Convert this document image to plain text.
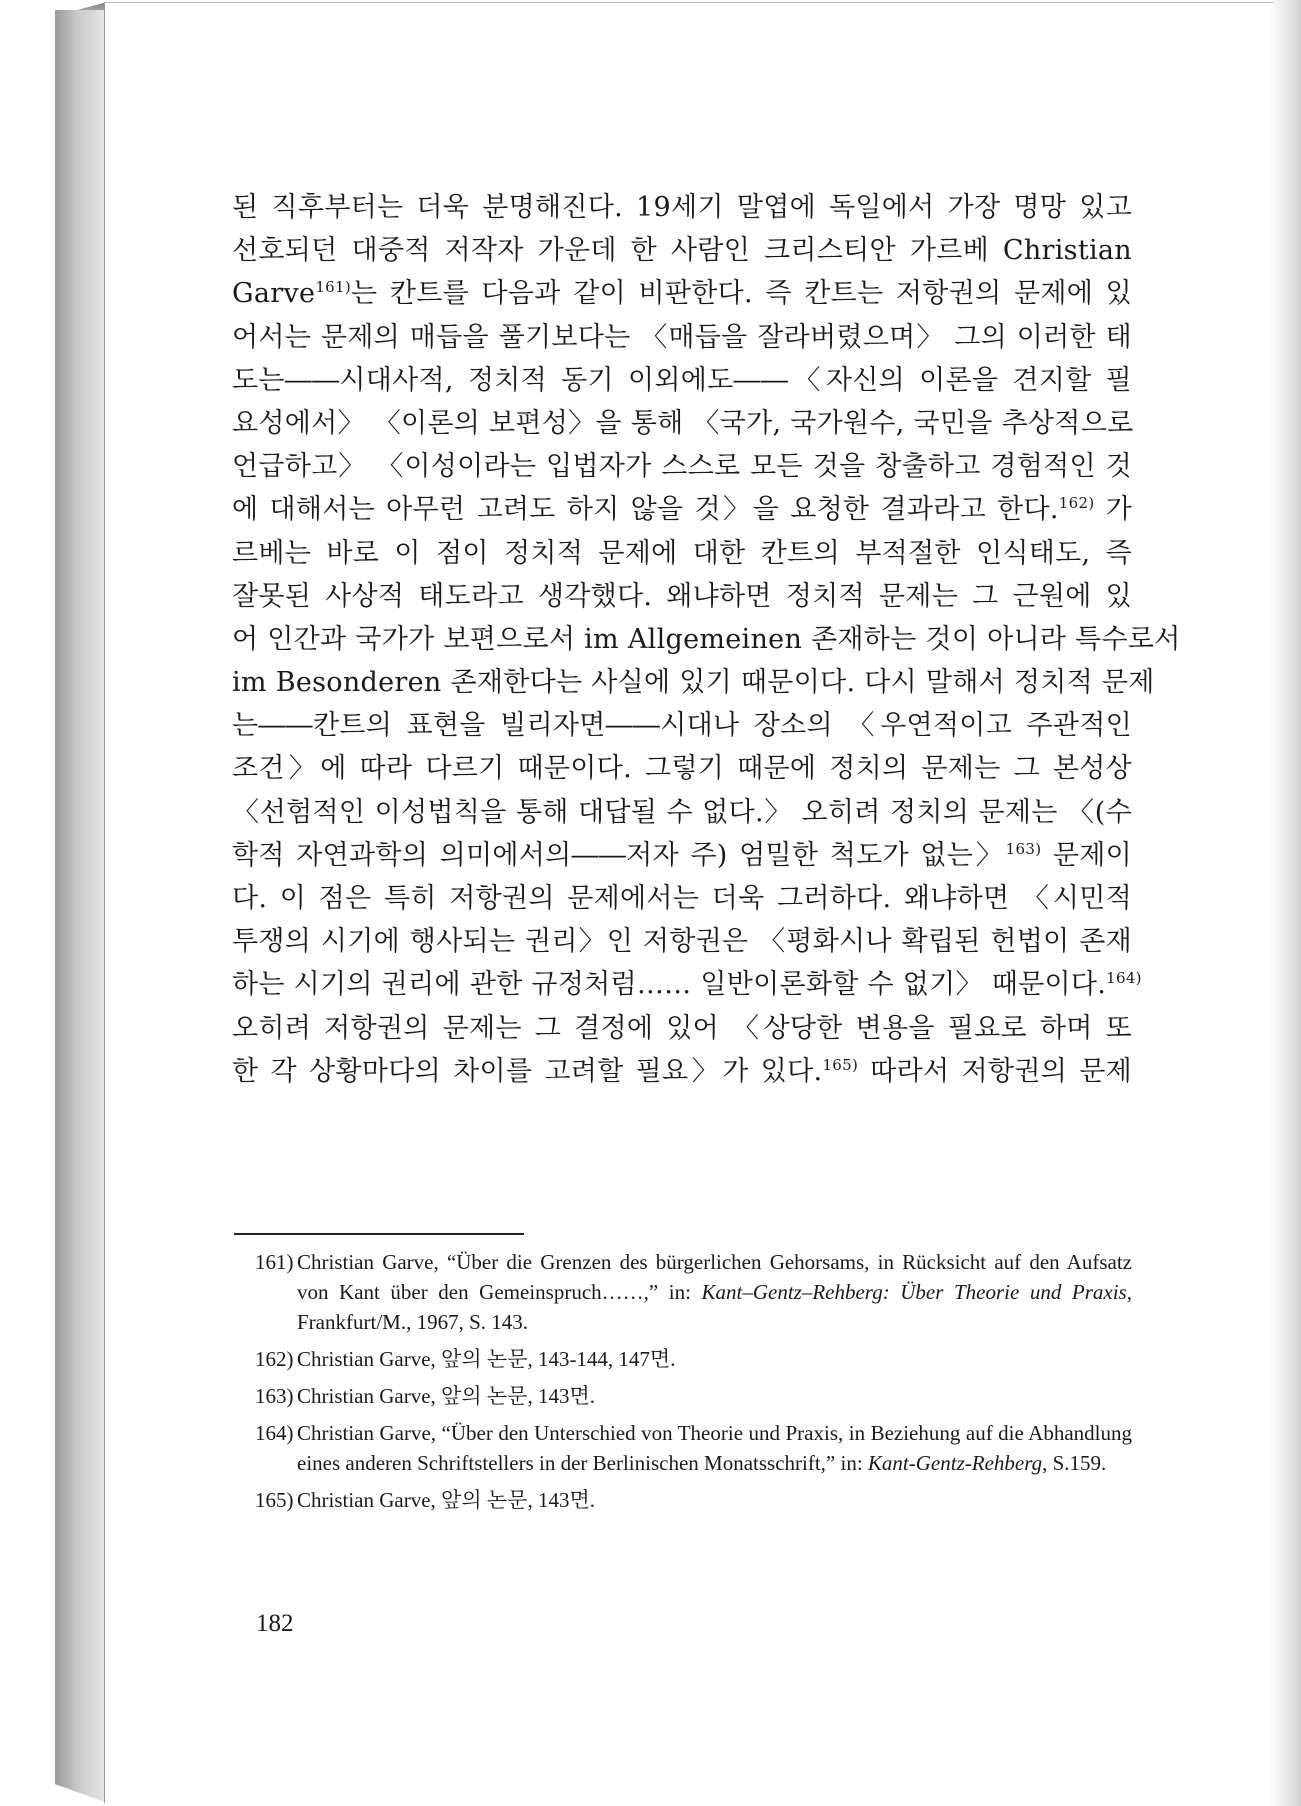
된 직후부터는 더욱 분명해진다. 19세기 말엽에 독일에서 가장 명망 있고

선호되던 대중적 저작자 가운데 한 사람인 크리스티안 가르베 Christian

Garve$^{161)}$는 칸트를 다음과 같이 비판한다. 즉 칸트는 저항권의 문제에 있

어서는 문제의 매듭을 풀기보다는 〈매듭을 잘라버렸으며〉 그의 이러한 태

도는――시대사적, 정치적 동기 이외에도――〈자신의 이론을 견지할 필

요성에서〉 〈이론의 보편성〉을 통해 〈국가, 국가원수, 국민을 추상적으로

언급하고〉 〈이성이라는 입법자가 스스로 모든 것을 창출하고 경험적인 것

에 대해서는 아무런 고려도 하지 않을 것〉을 요청한 결과라고 한다.$^{162)}$ 가

르베는 바로 이 점이 정치적 문제에 대한 칸트의 부적절한 인식태도, 즉

잘못된 사상적 태도라고 생각했다. 왜냐하면 정치적 문제는 그 근원에 있

어 인간과 국가가 보편으로서 im Allgemeinen 존재하는 것이 아니라 특수로서

im Besonderen 존재한다는 사실에 있기 때문이다. 다시 말해서 정치적 문제

는――칸트의 표현을 빌리자면――시대나 장소의 〈우연적이고 주관적인

조건〉에 따라 다르기 때문이다. 그렇기 때문에 정치의 문제는 그 본성상

〈선험적인 이성법칙을 통해 대답될 수 없다.〉 오히려 정치의 문제는 〈(수

학적 자연과학의 의미에서의――저자 주) 엄밀한 척도가 없는〉$^{163)}$ 문제이

다. 이 점은 특히 저항권의 문제에서는 더욱 그러하다. 왜냐하면 〈시민적

투쟁의 시기에 행사되는 권리〉인 저항권은 〈평화시나 확립된 헌법이 존재

하는 시기의 권리에 관한 규정처럼…… 일반이론화할 수 없기〉 때문이다.$^{164)}$

오히려 저항권의 문제는 그 결정에 있어 〈상당한 변용을 필요로 하며 또

한 각 상황마다의 차이를 고려할 필요〉가 있다.$^{165)}$ 따라서 저항권의 문제

161) Christian Garve, “Über die Grenzen des bürgerlichen Gehorsams, in Rücksicht auf den Aufsatz von Kant über den Gemeinspruch……,” in: Kant–Gentz–Rehberg: Über Theorie und Praxis, Frankfurt/M., 1967, S. 143.
162) Christian Garve, 앞의 논문, 143-144, 147면.
163) Christian Garve, 앞의 논문, 143면.
164) Christian Garve, “Über den Unterschied von Theorie und Praxis, in Beziehung auf die Abhandlung eines anderen Schriftstellers in der Berlinischen Monatsschrift,” in: Kant-Gentz-Rehberg, S.159.
165) Christian Garve, 앞의 논문, 143면.
182
